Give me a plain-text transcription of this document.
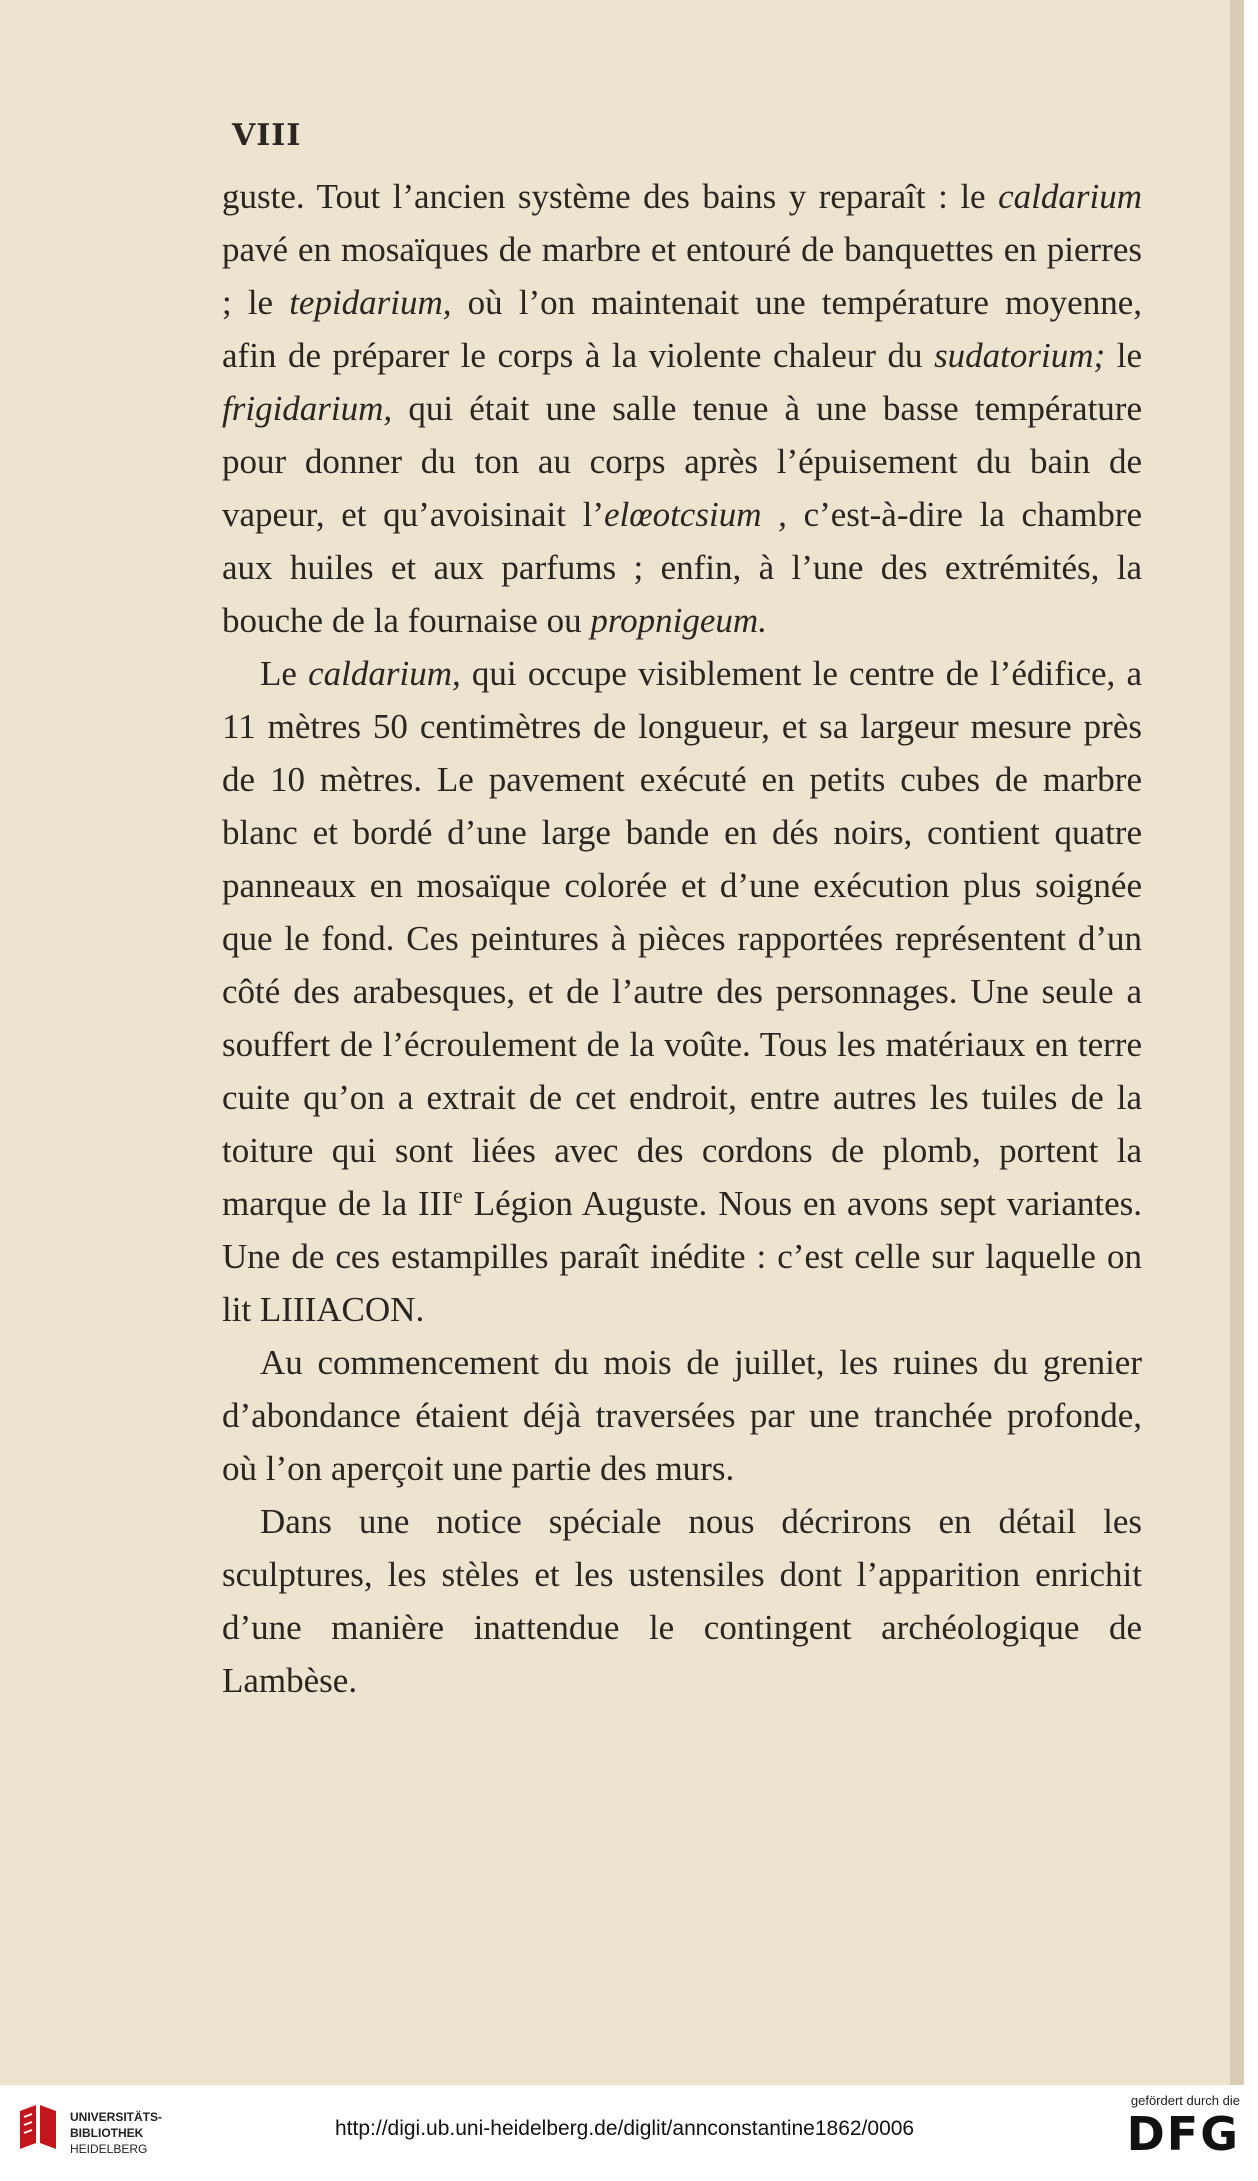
VIII

guste. Tout l’ancien système des bains y reparaît : le caldarium pavé en mosaïques de marbre et entouré de banquettes en pierres ; le tepidarium, où l’on maintenait une température moyenne, afin de préparer le corps à la violente chaleur du sudatorium; le frigidarium, qui était une salle tenue à une basse température pour donner du ton au corps après l’épuisement du bain de vapeur, et qu’avoisinait l’elœotcsium , c’est-à-dire la chambre aux huiles et aux parfums ; enfin, à l’une des extrémités, la bouche de la fournaise ou propnigeum.

Le caldarium, qui occupe visiblement le centre de l’édifice, a 11 mètres 50 centimètres de longueur, et sa largeur mesure près de 10 mètres. Le pavement exécuté en petits cubes de marbre blanc et bordé d’une large bande en dés noirs, contient quatre panneaux en mosaïque colorée et d’une exécution plus soignée que le fond. Ces peintures à pièces rapportées représentent d’un côté des arabesques, et de l’autre des personnages. Une seule a souffert de l’écroulement de la voûte. Tous les matériaux en terre cuite qu’on a extrait de cet endroit, entre autres les tuiles de la toiture qui sont liées avec des cordons de plomb, portent la marque de la IIIe Légion Auguste. Nous en avons sept variantes. Une de ces estampilles paraît inédite : c’est celle sur laquelle on lit LIIIACON.

Au commencement du mois de juillet, les ruines du grenier d’abondance étaient déjà traversées par une tranchée profonde, où l’on aperçoit une partie des murs.

Dans une notice spéciale nous décrirons en détail les sculptures, les stèles et les ustensiles dont l’apparition enrichit d’une manière inattendue le contingent archéologique de Lambèse.

UNIVERSITÄTS-
BIBLIOTHEK
HEIDELBERG
http://digi.ub.uni-heidelberg.de/diglit/annconstantine1862/0006
gefördert durch die
DFG
